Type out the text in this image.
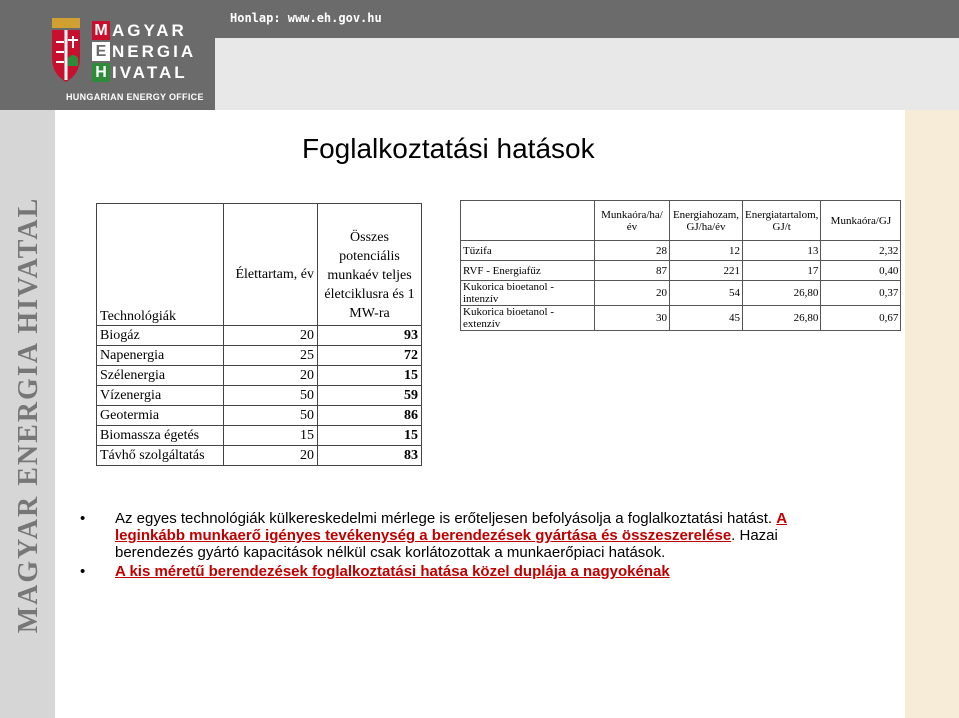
M AGYAR
E NERGIA
H IVATAL
HUNGARIAN ENERGY OFFICE
MAGYAR ENERGIA HIVATAL
Honlap: www.eh.gov.hu
Foglalkoztatási hatások
Technológiák	Élettartam, év	Összes potenciális munkaév teljes életciklusra és 1 MW-ra
Biogáz	20	93
Napenergia	25	72
Szélenergia	20	15
Vízenergia	50	59
Geotermia	50	86
Biomassza égetés	15	15
Távhő szolgáltatás	20	83
	Munkaóra/ha/év	Energiahozam, GJ/ha/év	Energiatartalom, GJ/t	Munkaóra/GJ
Tűzifa	28	12	13	2,32
RVF - Energiafűz	87	221	17	0,40
Kukorica bioetanol - intenzív	20	54	26,80	0,37
Kukorica bioetanol - extenzív	30	45	26,80	0,67
• Az egyes technológiák külkereskedelmi mérlege is erőteljesen befolyásolja a foglalkoztatási hatást. A leginkább munkaerő igényes tevékenység a berendezések gyártása és összeszerelése. Hazai berendezés gyártó kapacitások nélkül csak korlátozottak a munkaerőpiaci hatások.
• A kis méretű berendezések foglalkoztatási hatása közel duplája a nagyokénak
